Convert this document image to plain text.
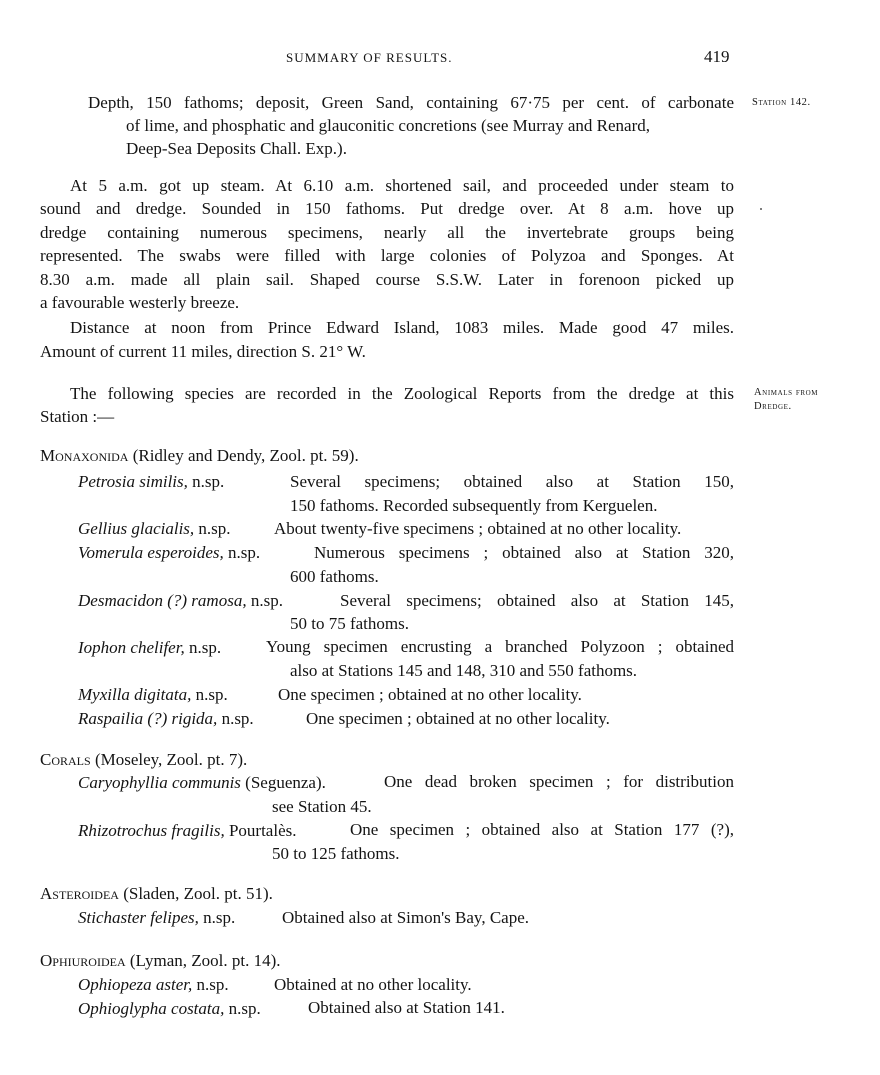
SUMMARY OF RESULTS.	419
Station 142.
Animals from
Dredge.
Depth, 150 fathoms; deposit, Green Sand, containing 67·75 per cent. of carbonate
of lime, and phosphatic and glauconitic concretions (see Murray and Renard,
Deep-Sea Deposits Chall. Exp.).
At 5 a.m. got up steam. At 6.10 a.m. shortened sail, and proceeded under steam to
sound and dredge. Sounded in 150 fathoms. Put dredge over. At 8 a.m. hove up
dredge containing numerous specimens, nearly all the invertebrate groups being
represented. The swabs were filled with large colonies of Polyzoa and Sponges. At
8.30 a.m. made all plain sail. Shaped course S.S.W. Later in forenoon picked up
a favourable westerly breeze.
Distance at noon from Prince Edward Island, 1083 miles. Made good 47 miles.
Amount of current 11 miles, direction S. 21° W.
The following species are recorded in the Zoological Reports from the dredge at this
Station :—
Monaxonida (Ridley and Dendy, Zool. pt. 59).
Petrosia similis, n.sp.	Several specimens; obtained also at Station 150,
150 fathoms. Recorded subsequently from Kerguelen.
Gellius glacialis, n.sp.	About twenty-five specimens ; obtained at no other locality.
Vomerula esperoides, n.sp.	Numerous specimens ; obtained also at Station 320,
600 fathoms.
Desmacidon (?) ramosa, n.sp.	Several specimens; obtained also at Station 145,
50 to 75 fathoms.
Iophon chelifer, n.sp.	Young specimen encrusting a branched Polyzoon ; obtained
also at Stations 145 and 148, 310 and 550 fathoms.
Myxilla digitata, n.sp.	One specimen ; obtained at no other locality.
Raspailia (?) rigida, n.sp.	One specimen ; obtained at no other locality.
Corals (Moseley, Zool. pt. 7).
Caryophyllia communis (Seguenza).	One dead broken specimen ; for distribution
see Station 45.
Rhizotrochus fragilis, Pourtalès.	One specimen ; obtained also at Station 177 (?),
50 to 125 fathoms.
Asteroidea (Sladen, Zool. pt. 51).
Stichaster felipes, n.sp.	Obtained also at Simon's Bay, Cape.
Ophiuroidea (Lyman, Zool. pt. 14).
Ophiopeza aster, n.sp.	Obtained at no other locality.
Ophioglypha costata, n.sp.	Obtained also at Station 141.
